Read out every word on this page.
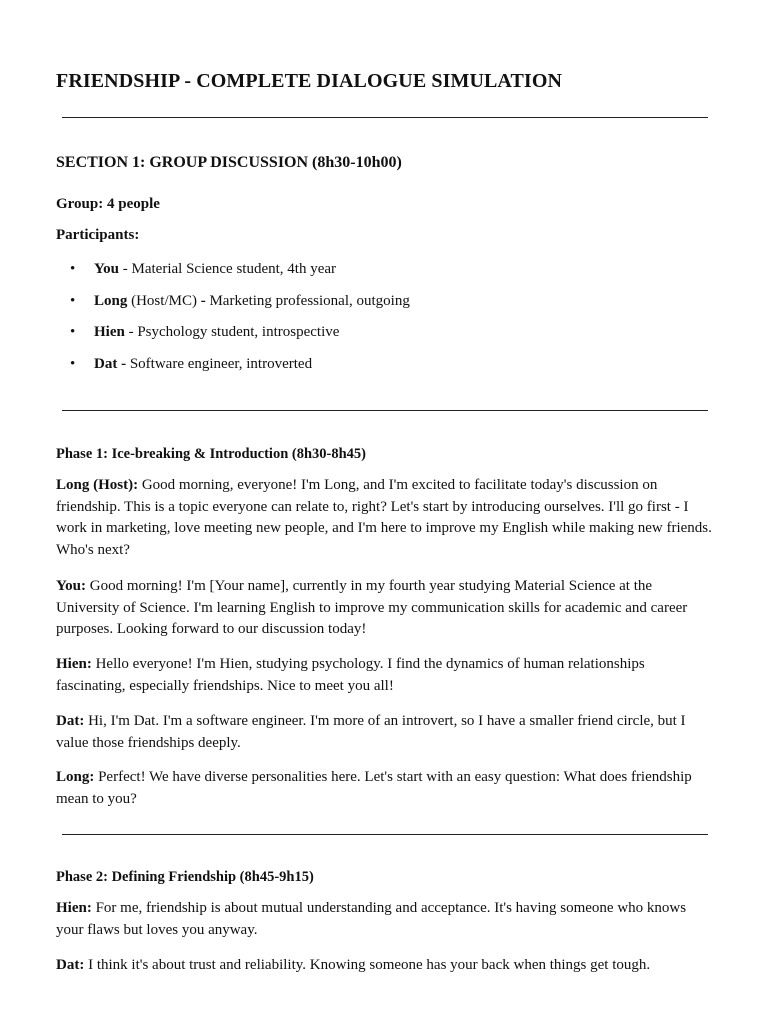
FRIENDSHIP - COMPLETE DIALOGUE SIMULATION
SECTION 1: GROUP DISCUSSION (8h30-10h00)

Group: 4 people

Participants:

• You - Material Science student, 4th year
• Long (Host/MC) - Marketing professional, outgoing
• Hien - Psychology student, introspective
• Dat - Software engineer, introverted
Phase 1: Ice-breaking & Introduction (8h30-8h45)

Long (Host): Good morning, everyone! I'm Long, and I'm excited to facilitate today's discussion on friendship. This is a topic everyone can relate to, right? Let's start by introducing ourselves. I'll go first - I work in marketing, love meeting new people, and I'm here to improve my English while making new friends. Who's next?

You: Good morning! I'm [Your name], currently in my fourth year studying Material Science at the University of Science. I'm learning English to improve my communication skills for academic and career purposes. Looking forward to our discussion today!

Hien: Hello everyone! I'm Hien, studying psychology. I find the dynamics of human relationships fascinating, especially friendships. Nice to meet you all!

Dat: Hi, I'm Dat. I'm a software engineer. I'm more of an introvert, so I have a smaller friend circle, but I value those friendships deeply.

Long: Perfect! We have diverse personalities here. Let's start with an easy question: What does friendship mean to you?

Phase 2: Defining Friendship (8h45-9h15)

Hien: For me, friendship is about mutual understanding and acceptance. It's having someone who knows your flaws but loves you anyway.

Dat: I think it's about trust and reliability. Knowing someone has your back when things get tough.
